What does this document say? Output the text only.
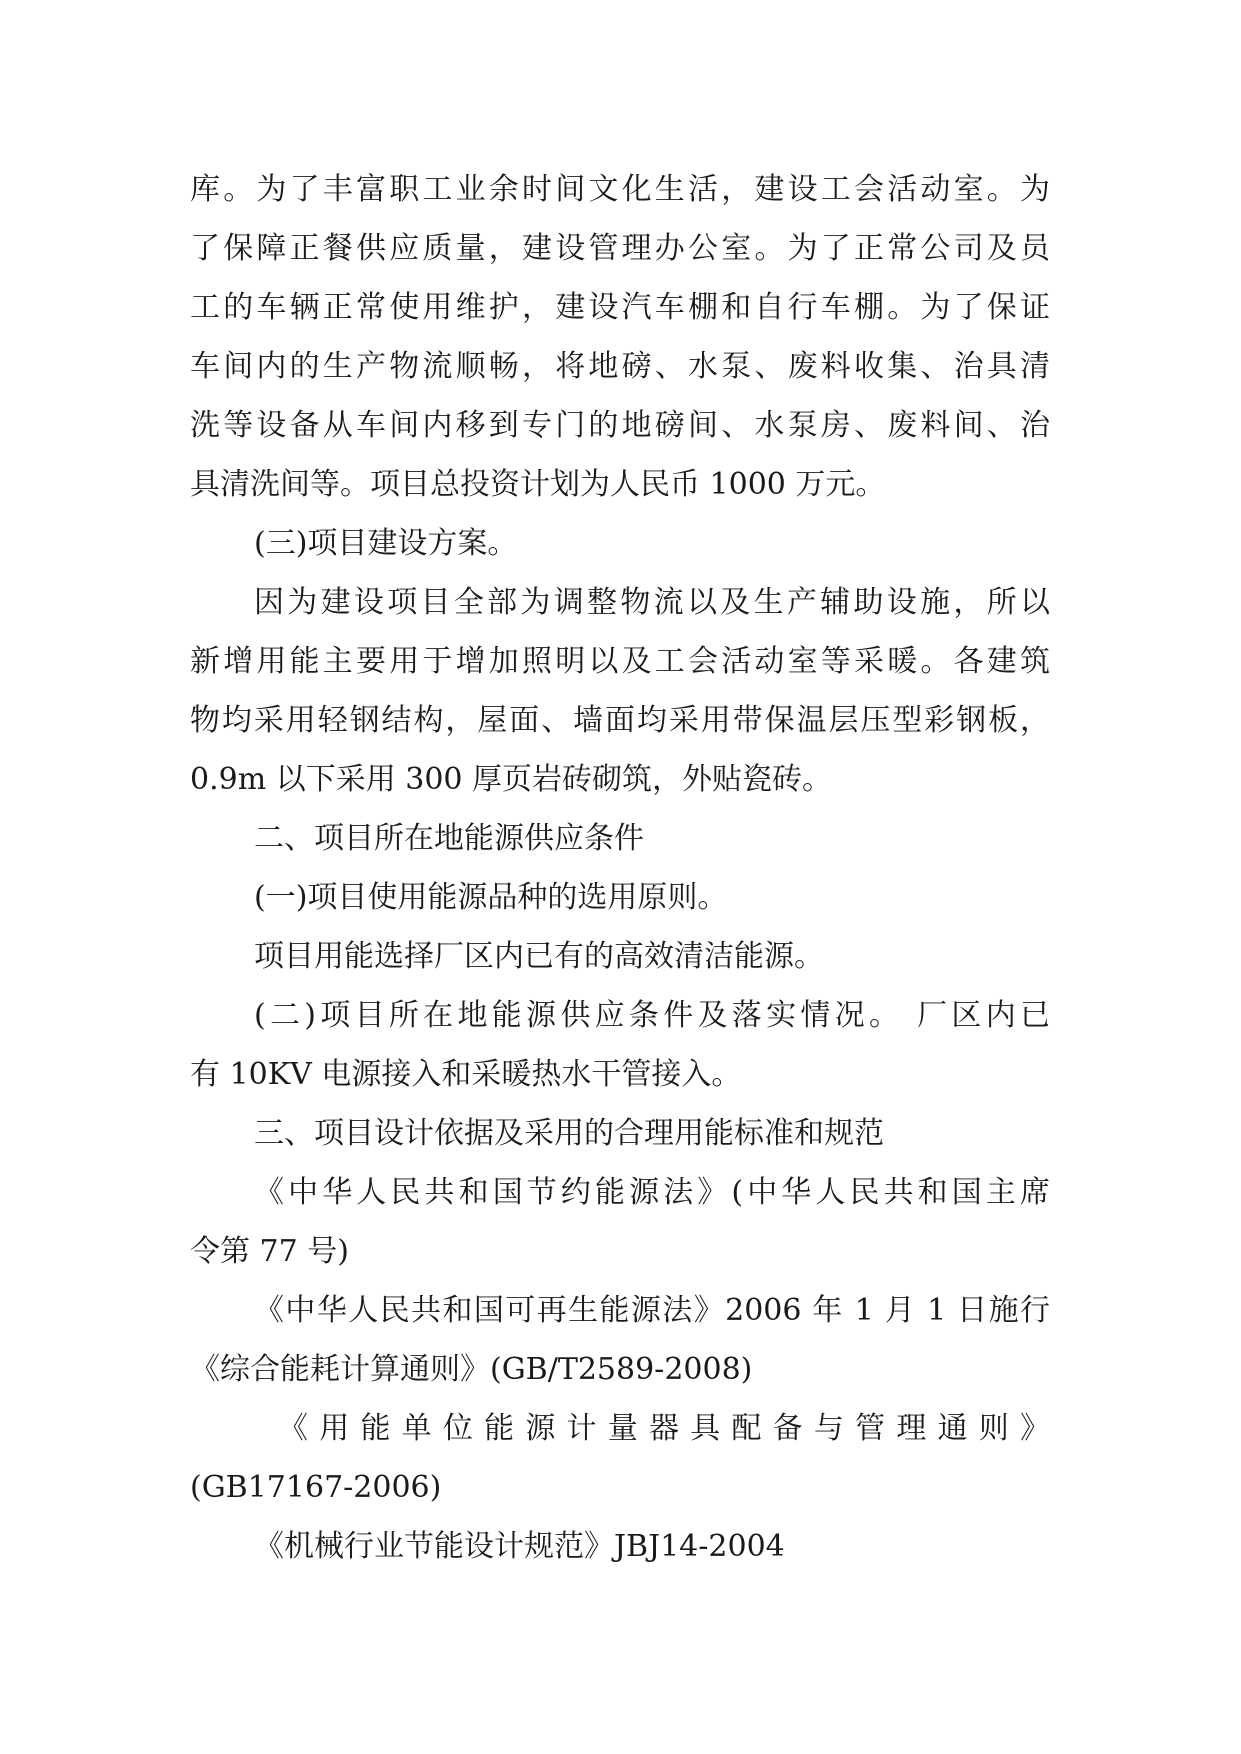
库。为了丰富职工业余时间文化生活，建设工会活动室。为
了保障正餐供应质量，建设管理办公室。为了正常公司及员
工的车辆正常使用维护，建设汽车棚和自行车棚。为了保证
车间内的生产物流顺畅，将地磅、水泵、废料收集、治具清
洗等设备从车间内移到专门的地磅间、水泵房、废料间、治
具清洗间等。项目总投资计划为人民币 1000 万元。
(三)项目建设方案。
因为建设项目全部为调整物流以及生产辅助设施，所以
新增用能主要用于增加照明以及工会活动室等采暖。各建筑
物均采用轻钢结构，屋面、墙面均采用带保温层压型彩钢板，
0.9m 以下采用 300 厚页岩砖砌筑，外贴瓷砖。
二、项目所在地能源供应条件
(一)项目使用能源品种的选用原则。
项目用能选择厂区内已有的高效清洁能源。
(二)项目所在地能源供应条件及落实情况。 厂区内已
有 10KV 电源接入和采暖热水干管接入。
三、项目设计依据及采用的合理用能标准和规范
《中华人民共和国节约能源法》(中华人民共和国主席
令第 77 号)
《中华人民共和国可再生能源法》2006 年 1 月 1 日施行
《综合能耗计算通则》(GB/T2589-2008)
《用能单位能源计量器具配备与管理通则》
(GB17167-2006)
《机械行业节能设计规范》JBJ14-2004
